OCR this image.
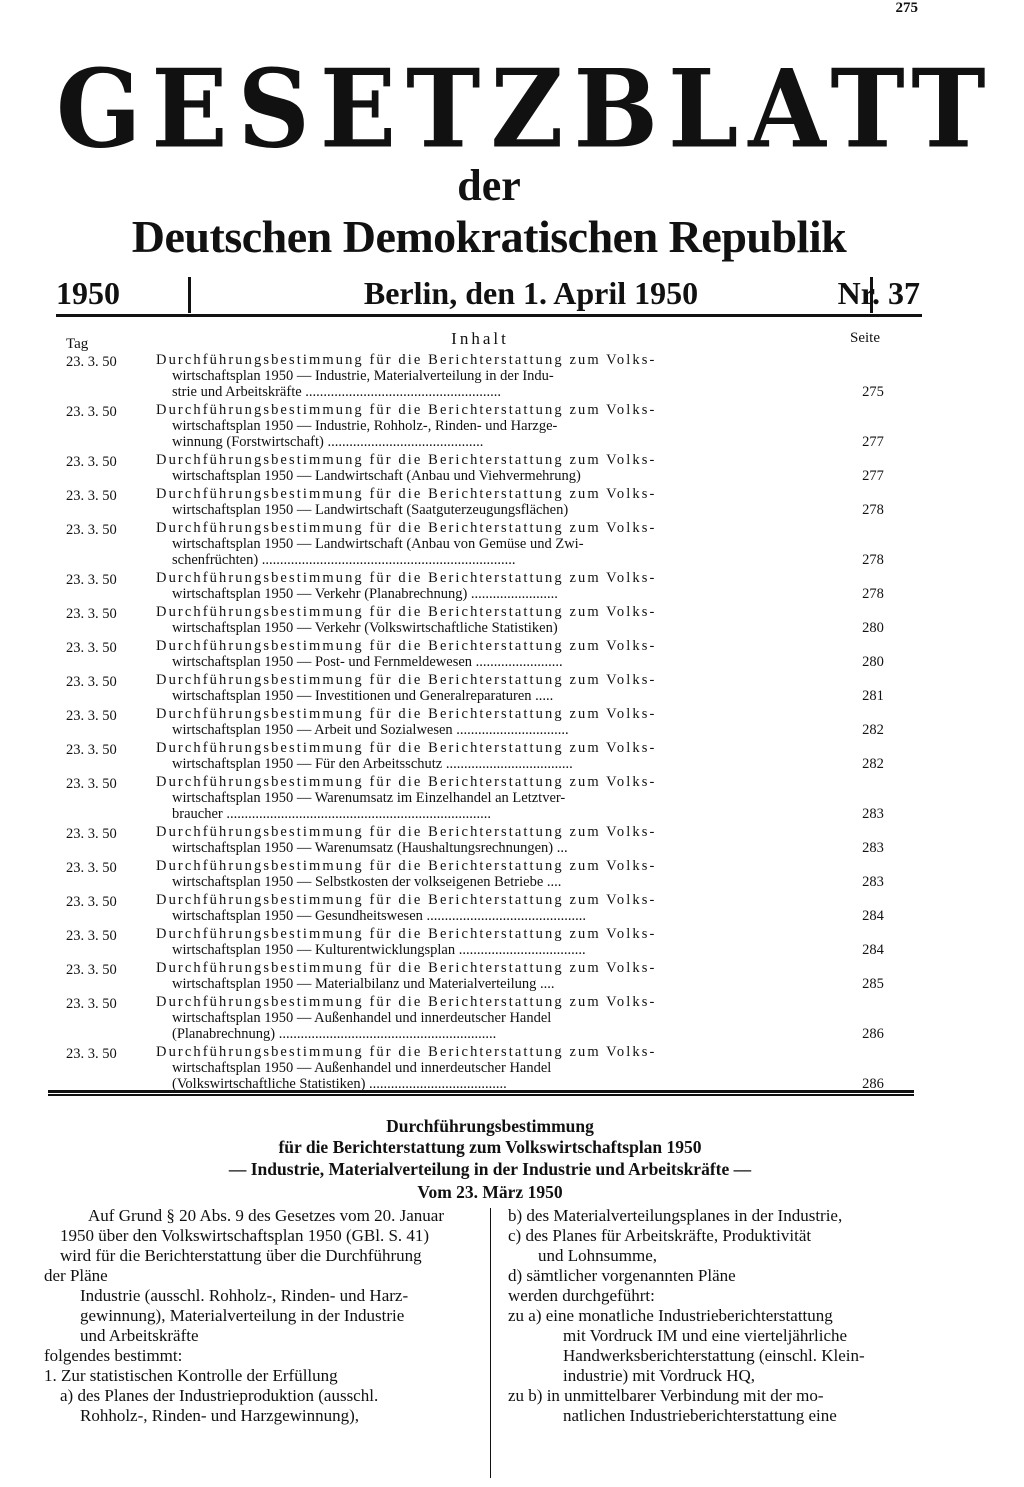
275
GESETZBLATT
der
Deutschen Demokratischen Republik
1950	Berlin, den 1. April 1950	Nr. 37
Tag	Inhalt	Seite
23. 3. 50	Durchführungsbestimmung für die Berichterstattung zum Volks-
wirtschaftsplan 1950 — Industrie, Materialverteilung in der Indu-
strie und Arbeitskräfte ......................................................	275
23. 3. 50	Durchführungsbestimmung für die Berichterstattung zum Volks-
wirtschaftsplan 1950 — Industrie, Rohholz-, Rinden- und Harzge-
winnung (Forstwirtschaft) ...........................................	277
23. 3. 50	Durchführungsbestimmung für die Berichterstattung zum Volks-
wirtschaftsplan 1950 — Landwirtschaft (Anbau und Viehvermehrung)	277
23. 3. 50	Durchführungsbestimmung für die Berichterstattung zum Volks-
wirtschaftsplan 1950 — Landwirtschaft (Saatguterzeugungsflächen)	278
23. 3. 50	Durchführungsbestimmung für die Berichterstattung zum Volks-
wirtschaftsplan 1950 — Landwirtschaft (Anbau von Gemüse und Zwi-
schenfrüchten) ......................................................................	278
23. 3. 50	Durchführungsbestimmung für die Berichterstattung zum Volks-
wirtschaftsplan 1950 — Verkehr (Planabrechnung) ........................	278
23. 3. 50	Durchführungsbestimmung für die Berichterstattung zum Volks-
wirtschaftsplan 1950 — Verkehr (Volkswirtschaftliche Statistiken)	280
23. 3. 50	Durchführungsbestimmung für die Berichterstattung zum Volks-
wirtschaftsplan 1950 — Post- und Fernmeldewesen ........................	280
23. 3. 50	Durchführungsbestimmung für die Berichterstattung zum Volks-
wirtschaftsplan 1950 — Investitionen und Generalreparaturen .....	281
23. 3. 50	Durchführungsbestimmung für die Berichterstattung zum Volks-
wirtschaftsplan 1950 — Arbeit und Sozialwesen ...............................	282
23. 3. 50	Durchführungsbestimmung für die Berichterstattung zum Volks-
wirtschaftsplan 1950 — Für den Arbeitsschutz ...................................	282
23. 3. 50	Durchführungsbestimmung für die Berichterstattung zum Volks-
wirtschaftsplan 1950 — Warenumsatz im Einzelhandel an Letztver-
braucher .........................................................................	283
23. 3. 50	Durchführungsbestimmung für die Berichterstattung zum Volks-
wirtschaftsplan 1950 — Warenumsatz (Haushaltungsrechnungen) ...	283
23. 3. 50	Durchführungsbestimmung für die Berichterstattung zum Volks-
wirtschaftsplan 1950 — Selbstkosten der volkseigenen Betriebe ....	283
23. 3. 50	Durchführungsbestimmung für die Berichterstattung zum Volks-
wirtschaftsplan 1950 — Gesundheitswesen ............................................	284
23. 3. 50	Durchführungsbestimmung für die Berichterstattung zum Volks-
wirtschaftsplan 1950 — Kulturentwicklungsplan ...................................	284
23. 3. 50	Durchführungsbestimmung für die Berichterstattung zum Volks-
wirtschaftsplan 1950 — Materialbilanz und Materialverteilung ....	285
23. 3. 50	Durchführungsbestimmung für die Berichterstattung zum Volks-
wirtschaftsplan 1950 — Außenhandel und innerdeutscher Handel
(Planabrechnung) ............................................................	286
23. 3. 50	Durchführungsbestimmung für die Berichterstattung zum Volks-
wirtschaftsplan 1950 — Außenhandel und innerdeutscher Handel
(Volkswirtschaftliche Statistiken) ......................................	286
Durchführungsbestimmung
für die Berichterstattung zum Volkswirtschaftsplan 1950
— Industrie, Materialverteilung in der Industrie und Arbeitskräfte —
Vom 23. März 1950
Auf Grund § 20 Abs. 9 des Gesetzes vom 20. Januar
1950 über den Volkswirtschaftsplan 1950 (GBl. S. 41)
wird für die Berichterstattung über die Durchführung
der Pläne
Industrie (ausschl. Rohholz-, Rinden- und Harz-
gewinnung), Materialverteilung in der Industrie
und Arbeitskräfte
folgendes bestimmt:
1. Zur statistischen Kontrolle der Erfüllung
a) des Planes der Industrieproduktion (ausschl.
Rohholz-, Rinden- und Harzgewinnung),
b) des Materialverteilungsplanes in der Industrie,
c) des Planes für Arbeitskräfte, Produktivität
und Lohnsumme,
d) sämtlicher vorgenannten Pläne
werden durchgeführt:
zu a) eine monatliche Industrieberichterstattung
mit Vordruck IM und eine vierteljährliche
Handwerksberichterstattung (einschl. Klein-
industrie) mit Vordruck HQ,
zu b) in unmittelbarer Verbindung mit der mo-
natlichen Industrieberichterstattung eine
